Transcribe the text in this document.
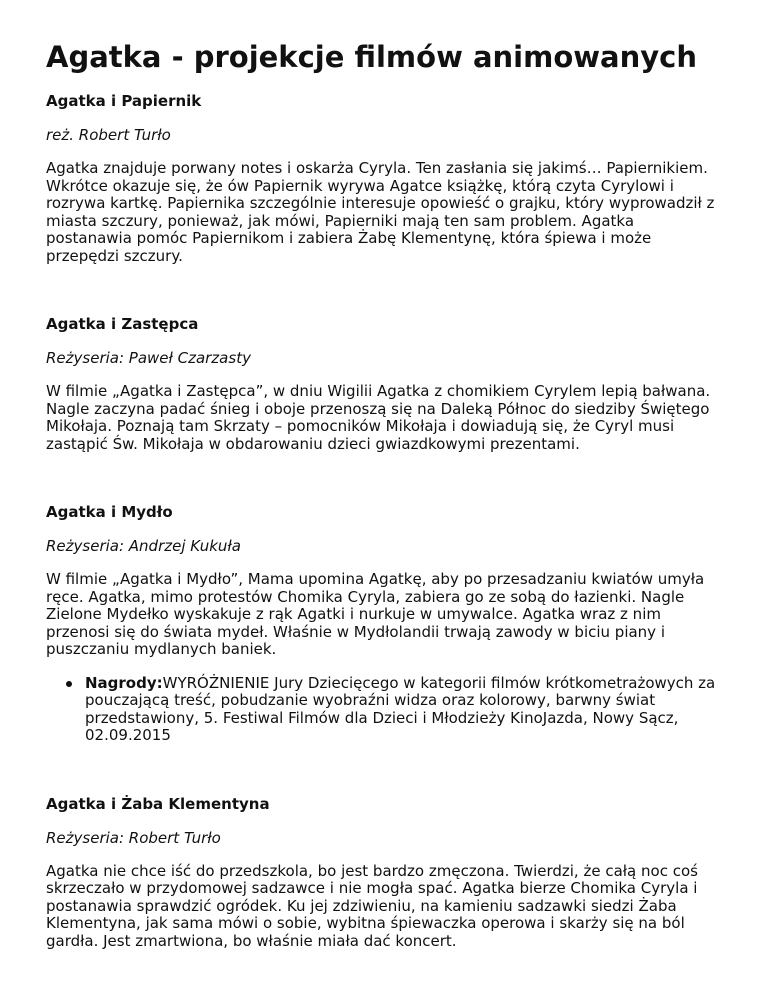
Agatka - projekcje filmów animowanych
Agatka i Papiernik

reż. Robert Turło

Agatka znajduje porwany notes i oskarża Cyryla. Ten zasłania się jakimś… Papiernikiem. Wkrótce okazuje się, że ów Papiernik wyrywa Agatce książkę, którą czyta Cyrylowi i rozrywa kartkę. Papiernika szczególnie interesuje opowieść o grajku, który wyprowadził z miasta szczury, ponieważ, jak mówi, Papierniki mają ten sam problem. Agatka postanawia pomóc Papiernikom i zabiera Żabę Klementynę, która śpiewa i może przepędzi szczury.

Agatka i Zastępca

Reżyseria: Paweł Czarzasty

W filmie „Agatka i Zastępca”, w dniu Wigilii Agatka z chomikiem Cyrylem lepią bałwana. Nagle zaczyna padać śnieg i oboje przenoszą się na Daleką Północ do siedziby Świętego Mikołaja. Poznają tam Skrzaty – pomocników Mikołaja i dowiadują się, że Cyryl musi zastąpić Św. Mikołaja w obdarowaniu dzieci gwiazdkowymi prezentami.

Agatka i Mydło

Reżyseria: Andrzej Kukuła

W filmie „Agatka i Mydło”, Mama upomina Agatkę, aby po przesadzaniu kwiatów umyła ręce. Agatka, mimo protestów Chomika Cyryla, zabiera go ze sobą do łazienki. Nagle Zielone Mydełko wyskakuje z rąk Agatki i nurkuje w umywalce. Agatka wraz z nim przenosi się do świata mydeł. Właśnie w Mydłolandii trwają zawody w biciu piany i puszczaniu mydlanych baniek.

Nagrody:WYRÓŻNIENIE Jury Dziecięcego w kategorii filmów krótkometrażowych za pouczającą treść, pobudzanie wyobraźni widza oraz kolorowy, barwny świat przedstawiony, 5. Festiwal Filmów dla Dzieci i Młodzieży KinoJazda, Nowy Sącz, 02.09.2015
Agatka i Żaba Klementyna

Reżyseria: Robert Turło

Agatka nie chce iść do przedszkola, bo jest bardzo zmęczona. Twierdzi, że całą noc coś skrzeczało w przydomowej sadzawce i nie mogła spać. Agatka bierze Chomika Cyryla i postanawia sprawdzić ogródek. Ku jej zdziwieniu, na kamieniu sadzawki siedzi Żaba Klementyna, jak sama mówi o sobie, wybitna śpiewaczka operowa i skarży się na ból gardła. Jest zmartwiona, bo właśnie miała dać koncert.
